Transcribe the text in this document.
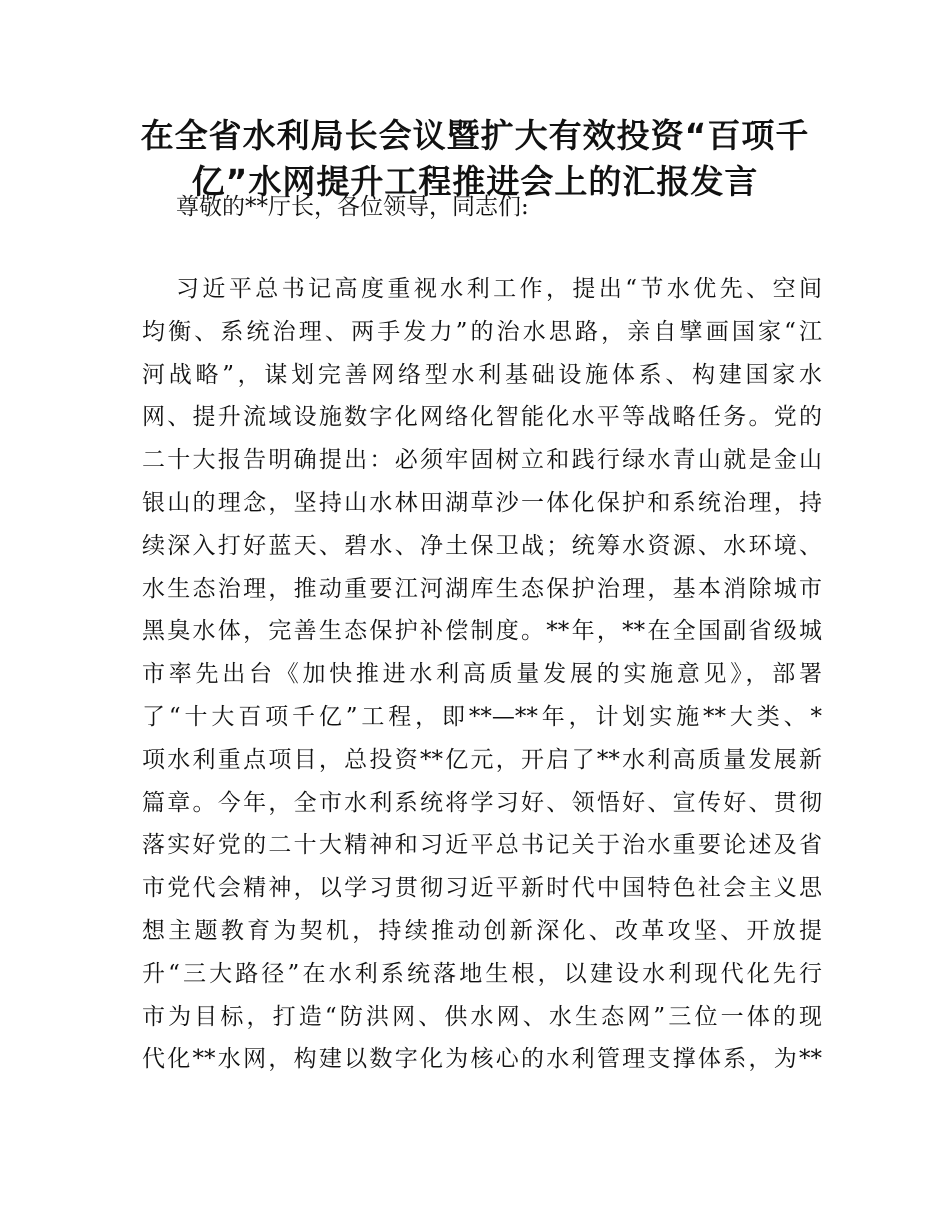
在全省水利局长会议暨扩大有效投资“百项千
亿”水网提升工程推进会上的汇报发言

尊敬的**厅长，各位领导，同志们:

习近平总书记高度重视水利工作，提出“节水优先、空间
均衡、系统治理、两手发力”的治水思路，亲自擘画国家“江
河战略”，谋划完善网络型水利基础设施体系、构建国家水
网、提升流域设施数字化网络化智能化水平等战略任务。党的
二十大报告明确提出：必须牢固树立和践行绿水青山就是金山
银山的理念，坚持山水林田湖草沙一体化保护和系统治理，持
续深入打好蓝天、碧水、净土保卫战；统筹水资源、水环境、
水生态治理，推动重要江河湖库生态保护治理，基本消除城市
黑臭水体，完善生态保护补偿制度。**年，**在全国副省级城
市率先出台《加快推进水利高质量发展的实施意见》，部署
了“十大百项千亿”工程，即**—**年，计划实施**大类、*
项水利重点项目，总投资**亿元，开启了**水利高质量发展新
篇章。今年，全市水利系统将学习好、领悟好、宣传好、贯彻
落实好党的二十大精神和习近平总书记关于治水重要论述及省
市党代会精神，以学习贯彻习近平新时代中国特色社会主义思
想主题教育为契机，持续推动创新深化、改革攻坚、开放提
升“三大路径”在水利系统落地生根，以建设水利现代化先行
市为目标，打造“防洪网、供水网、水生态网”三位一体的现
代化**水网，构建以数字化为核心的水利管理支撑体系，为**
